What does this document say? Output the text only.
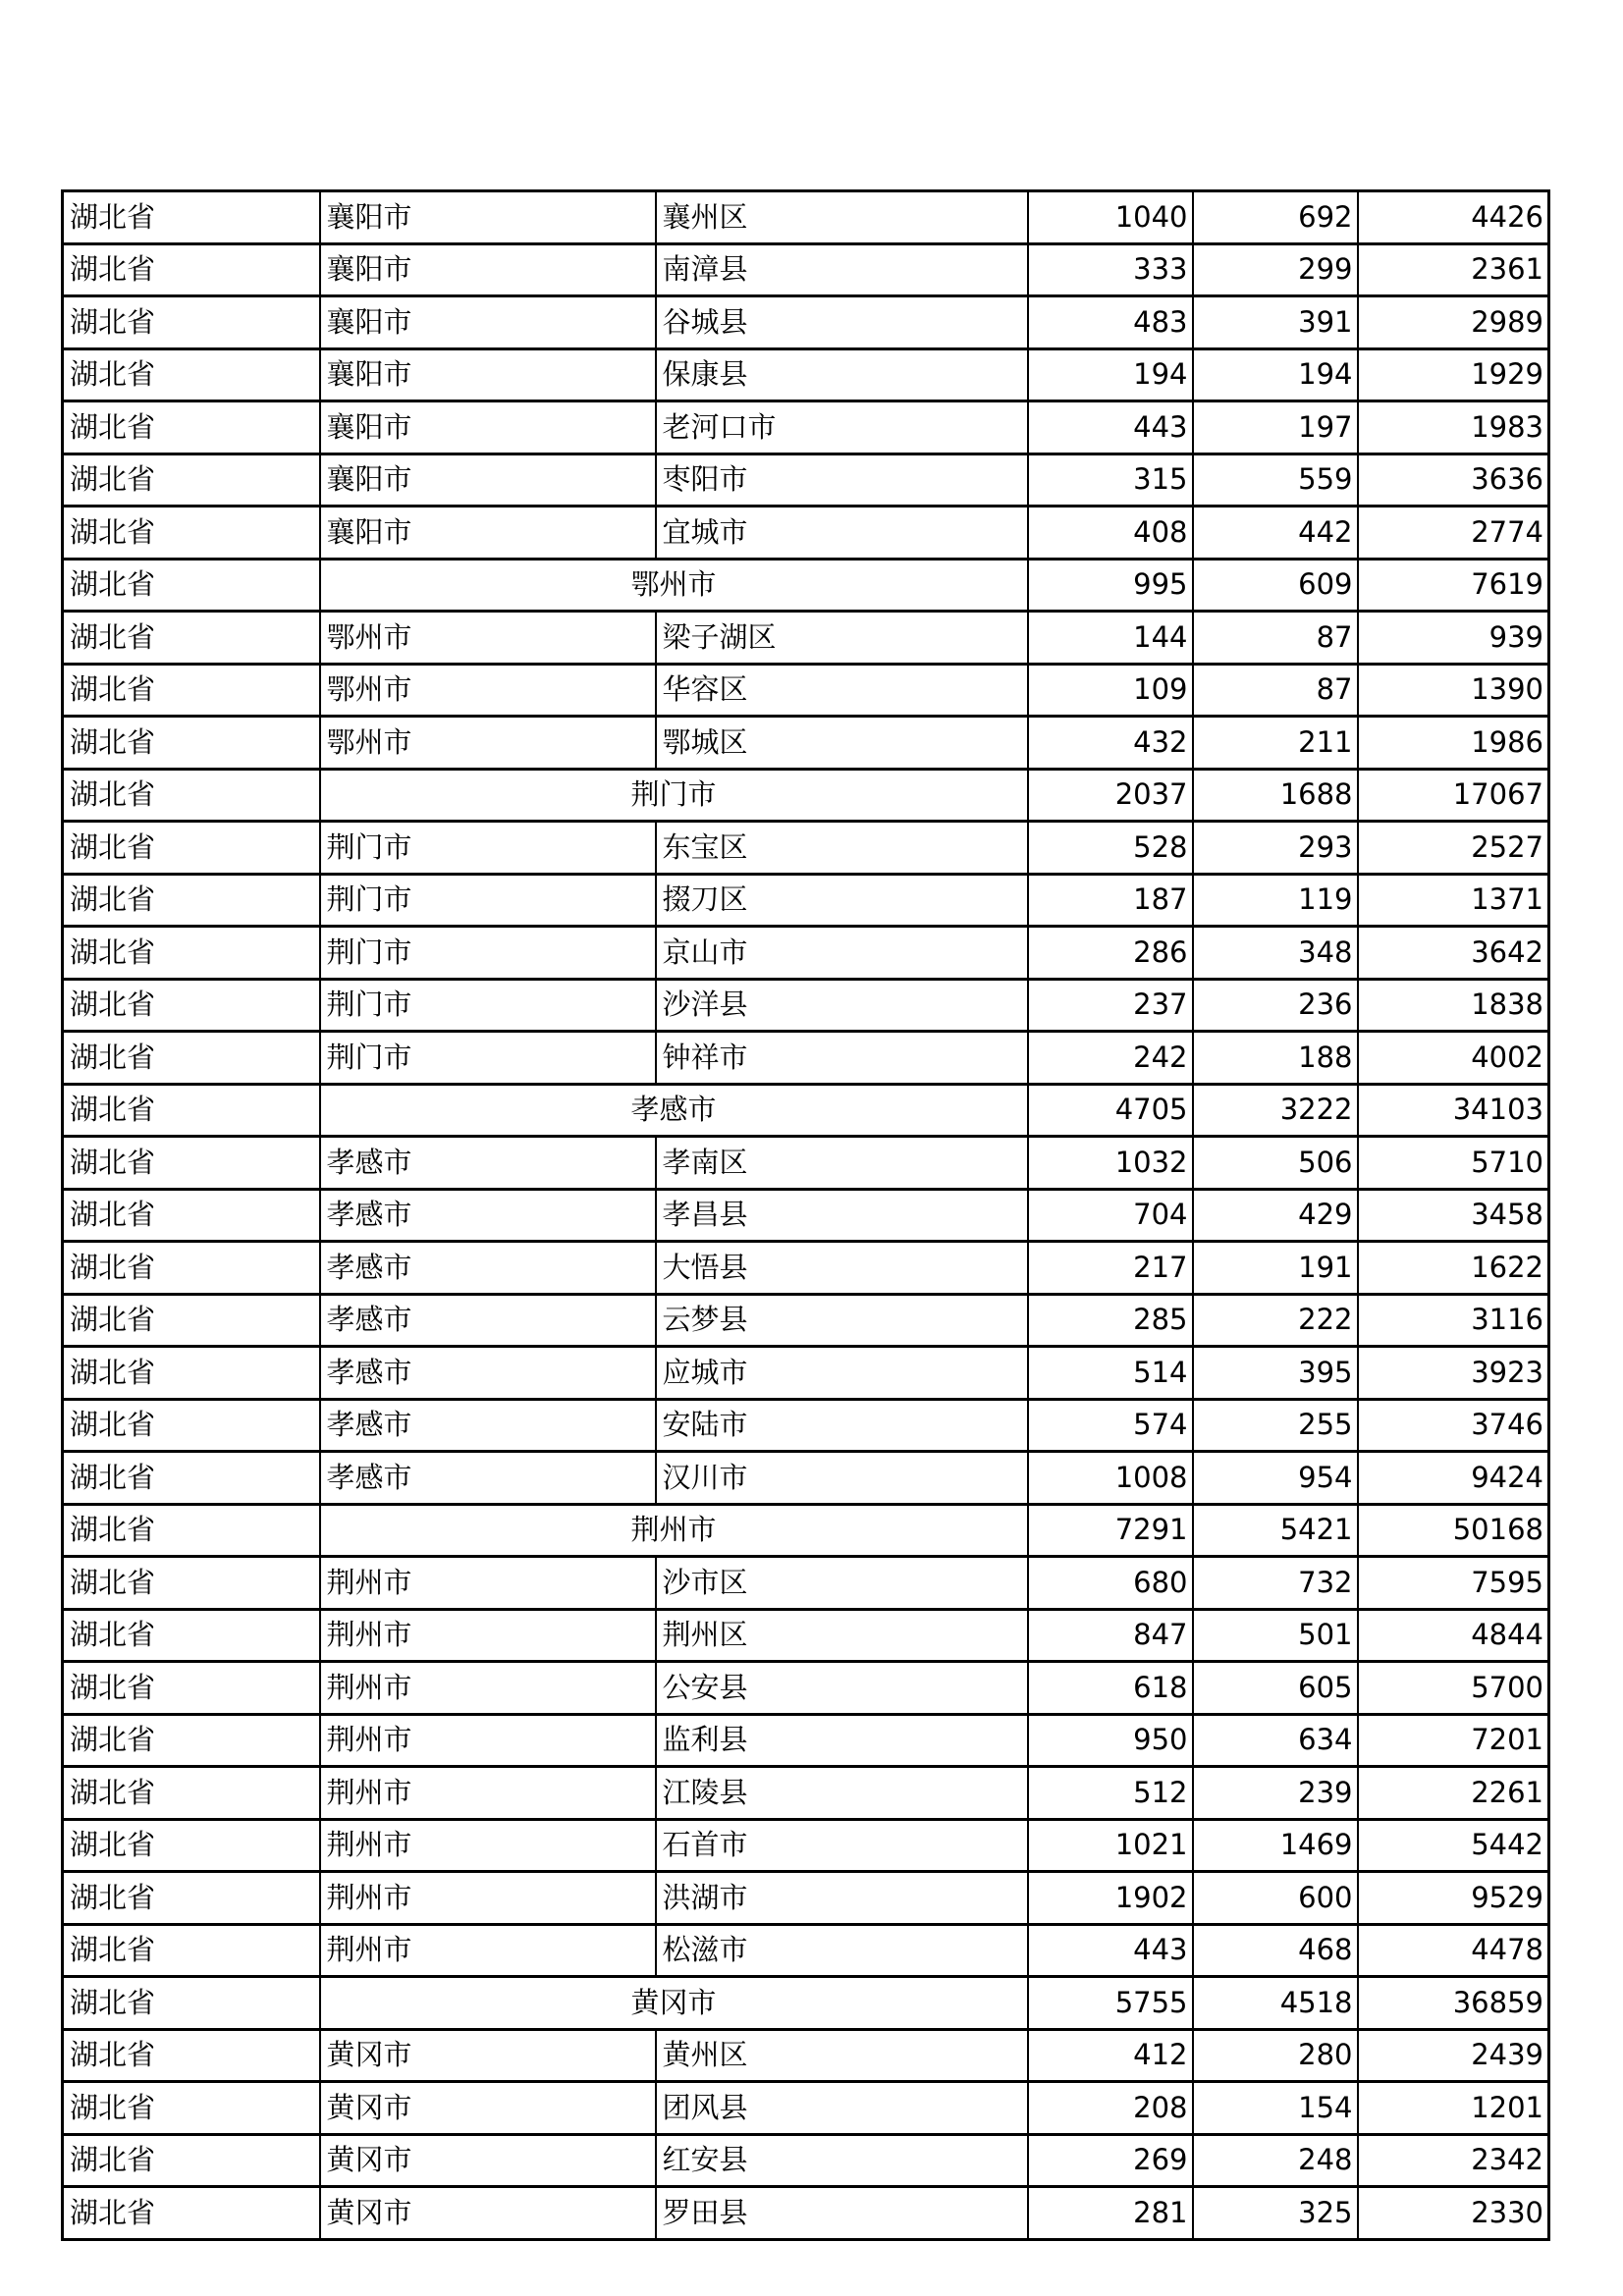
湖北省	襄阳市	襄州区	1040	692	4426
湖北省	襄阳市	南漳县	333	299	2361
湖北省	襄阳市	谷城县	483	391	2989
湖北省	襄阳市	保康县	194	194	1929
湖北省	襄阳市	老河口市	443	197	1983
湖北省	襄阳市	枣阳市	315	559	3636
湖北省	襄阳市	宜城市	408	442	2774
湖北省	鄂州市		995	609	7619
湖北省	鄂州市	梁子湖区	144	87	939
湖北省	鄂州市	华容区	109	87	1390
湖北省	鄂州市	鄂城区	432	211	1986
湖北省	荆门市		2037	1688	17067
湖北省	荆门市	东宝区	528	293	2527
湖北省	荆门市	掇刀区	187	119	1371
湖北省	荆门市	京山市	286	348	3642
湖北省	荆门市	沙洋县	237	236	1838
湖北省	荆门市	钟祥市	242	188	4002
湖北省	孝感市		4705	3222	34103
湖北省	孝感市	孝南区	1032	506	5710
湖北省	孝感市	孝昌县	704	429	3458
湖北省	孝感市	大悟县	217	191	1622
湖北省	孝感市	云梦县	285	222	3116
湖北省	孝感市	应城市	514	395	3923
湖北省	孝感市	安陆市	574	255	3746
湖北省	孝感市	汉川市	1008	954	9424
湖北省	荆州市		7291	5421	50168
湖北省	荆州市	沙市区	680	732	7595
湖北省	荆州市	荆州区	847	501	4844
湖北省	荆州市	公安县	618	605	5700
湖北省	荆州市	监利县	950	634	7201
湖北省	荆州市	江陵县	512	239	2261
湖北省	荆州市	石首市	1021	1469	5442
湖北省	荆州市	洪湖市	1902	600	9529
湖北省	荆州市	松滋市	443	468	4478
湖北省	黄冈市		5755	4518	36859
湖北省	黄冈市	黄州区	412	280	2439
湖北省	黄冈市	团风县	208	154	1201
湖北省	黄冈市	红安县	269	248	2342
湖北省	黄冈市	罗田县	281	325	2330
